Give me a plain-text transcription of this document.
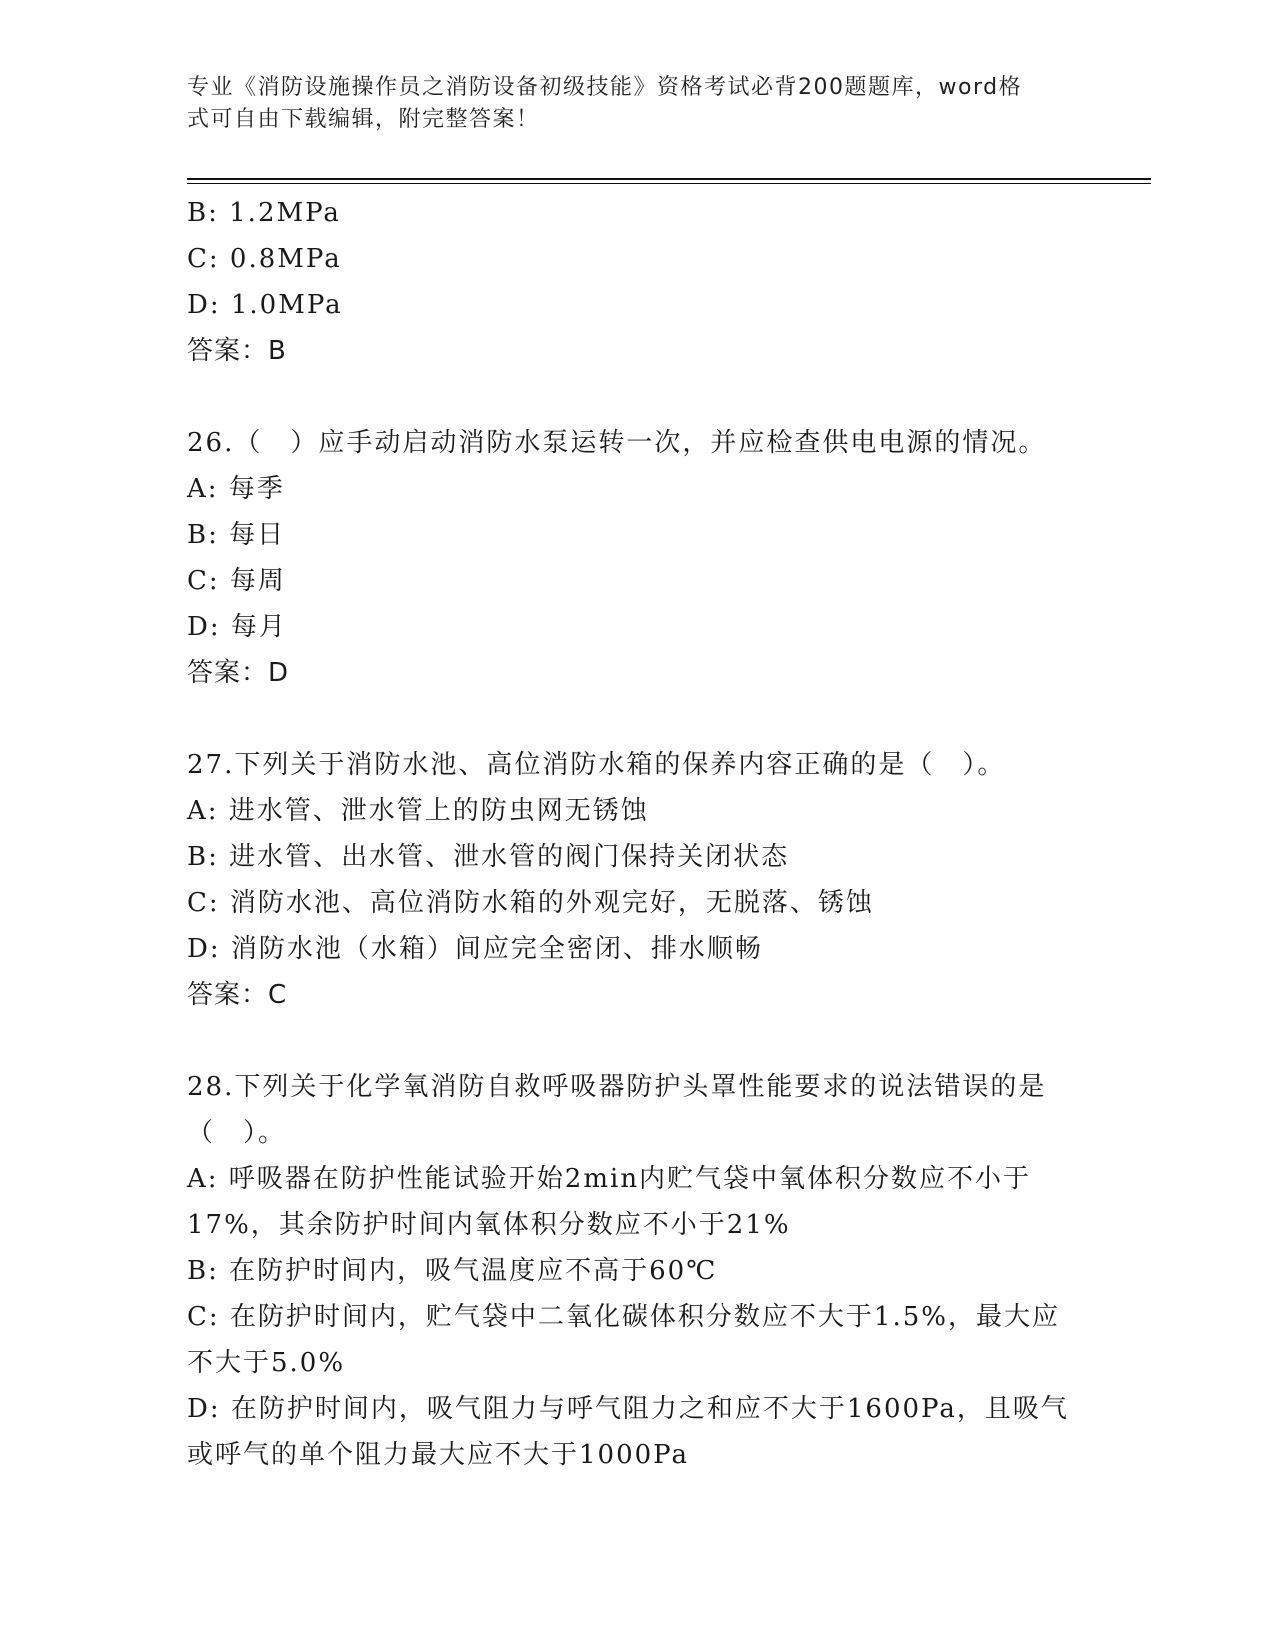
专业《消防设施操作员之消防设备初级技能》资格考试必背200题题库，word格
式可自由下载编辑，附完整答案！
B: 1.2MPa
C: 0.8MPa
D: 1.0MPa
答案：B
26.（　）应手动启动消防水泵运转一次，并应检查供电电源的情况。
A: 每季
B: 每日
C: 每周
D: 每月
答案：D
27.下列关于消防水池、高位消防水箱的保养内容正确的是（　）。
A: 进水管、泄水管上的防虫网无锈蚀
B: 进水管、出水管、泄水管的阀门保持关闭状态
C: 消防水池、高位消防水箱的外观完好，无脱落、锈蚀
D: 消防水池（水箱）间应完全密闭、排水顺畅
答案：C
28.下列关于化学氧消防自救呼吸器防护头罩性能要求的说法错误的是
（　）。
A: 呼吸器在防护性能试验开始2min内贮气袋中氧体积分数应不小于
17%，其余防护时间内氧体积分数应不小于21%
B: 在防护时间内，吸气温度应不高于60℃
C: 在防护时间内，贮气袋中二氧化碳体积分数应不大于1.5%，最大应
不大于5.0%
D: 在防护时间内，吸气阻力与呼气阻力之和应不大于1600Pa，且吸气
或呼气的单个阻力最大应不大于1000Pa
